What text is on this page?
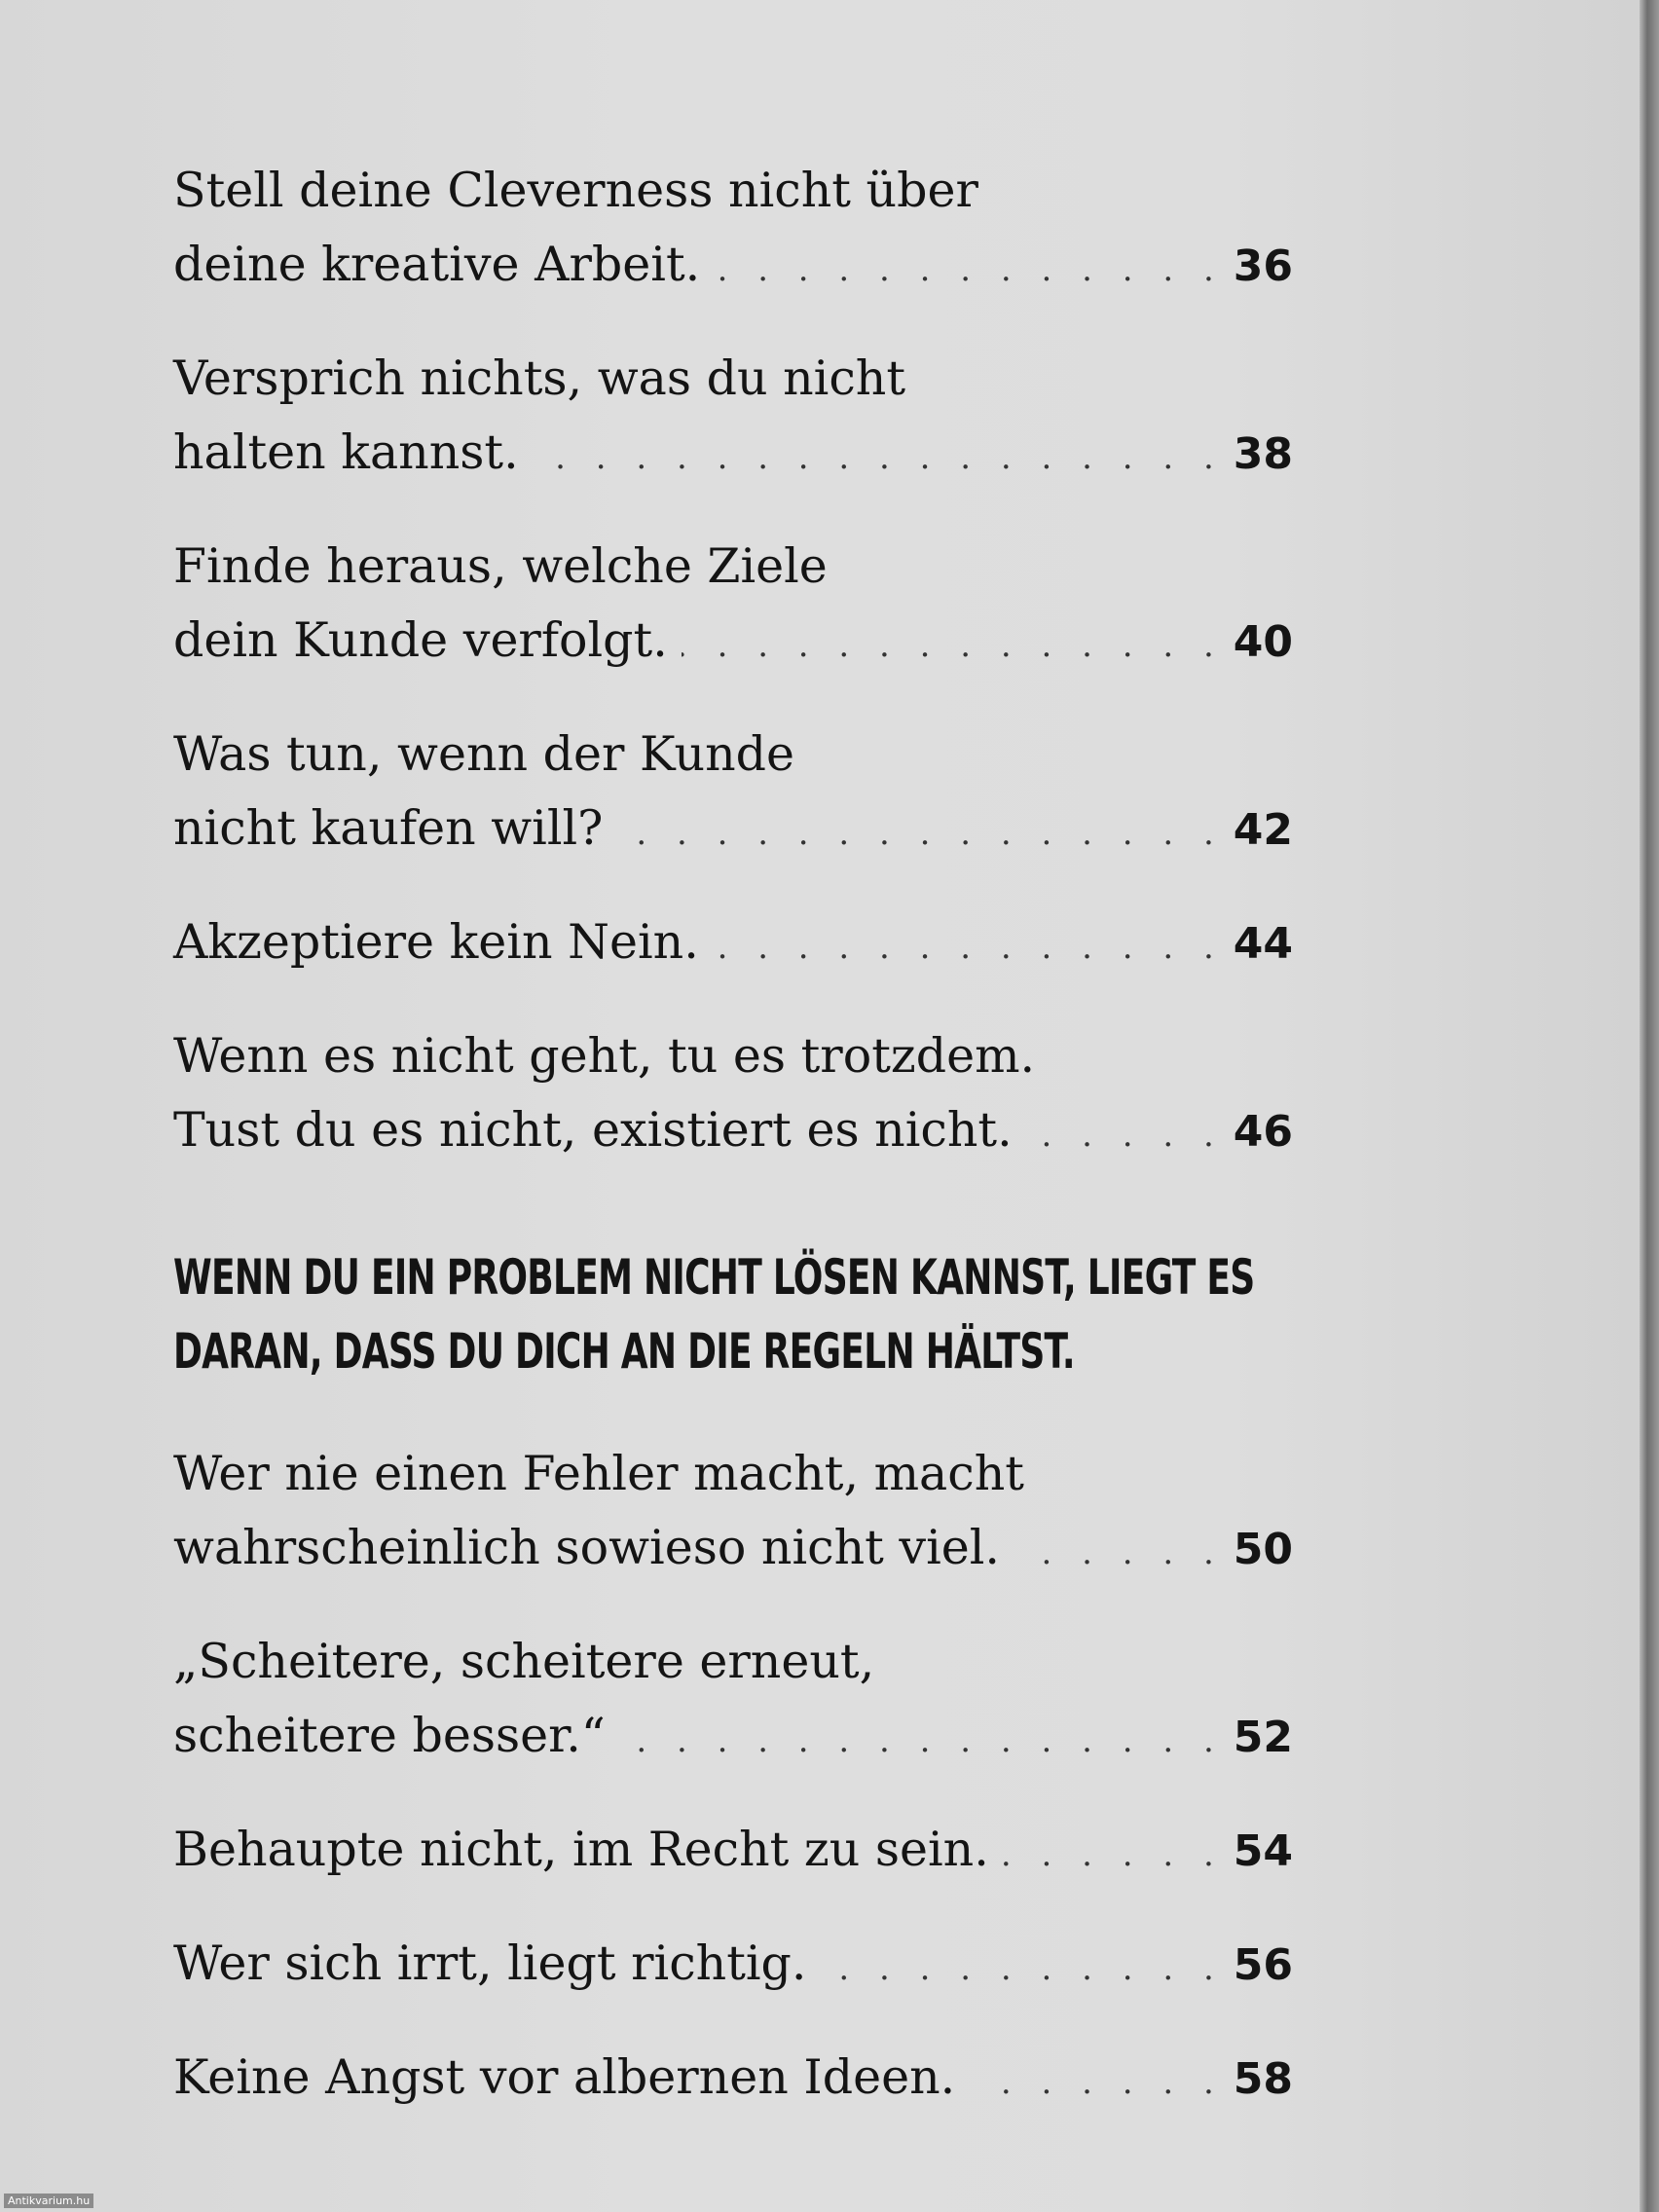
Stell deine Cleverness nicht über
deine kreative Arbeit. . . .	36
Versprich nichts, was du nicht
halten kannst. . . .	38
Finde heraus, welche Ziele
dein Kunde verfolgt. . . .	40
Was tun, wenn der Kunde
nicht kaufen will? . . .	42
Akzeptiere kein Nein. . . .	44
Wenn es nicht geht, tu es trotzdem.
Tust du es nicht, existiert es nicht. . . .	46
WENN DU EIN PROBLEM NICHT LÖSEN KANNST, LIEGT ES
DARAN, DASS DU DICH AN DIE REGELN HÄLTST.
Wer nie einen Fehler macht, macht
wahrscheinlich sowieso nicht viel. . . .	50
„Scheitere, scheitere erneut,
scheitere besser.“ . . .	52
Behaupte nicht, im Recht zu sein. . . .	54
Wer sich irrt, liegt richtig. . . .	56
Keine Angst vor albernen Ideen. . . .	58
Antikvarium.hu
